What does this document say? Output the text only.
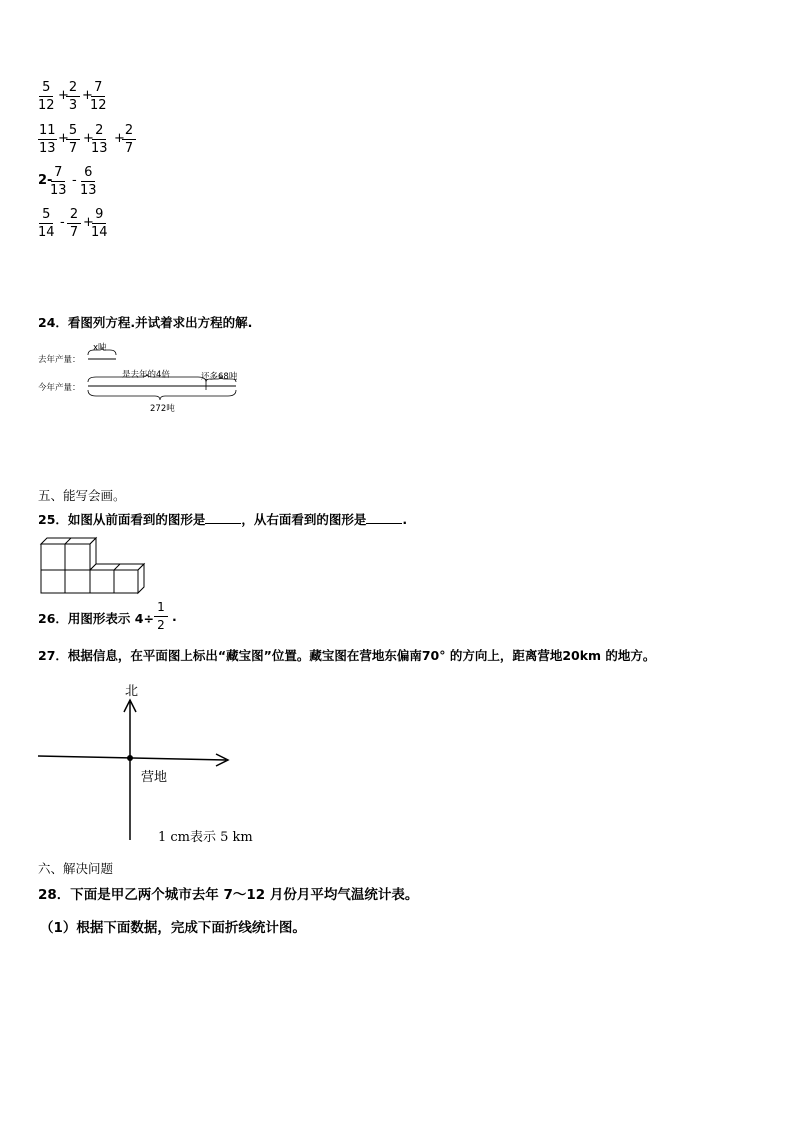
$\frac{5}{12}$ +
$\frac{2}{3}$ +
$\frac{7}{12}$
$\frac{11}{13}$ +
$\frac{5}{7}$ +
$\frac{2}{13}$ +
$\frac{2}{7}$
2-
$\frac{7}{13} - \frac{6}{13}$
$\frac{5}{14} - \frac{2}{7}$ +
$\frac{9}{14}$
24．看图列方程.并试着求出方程的解.
去年产量：
今年产量：
x吨
是去年的4倍	还多68吨
272吨
五、能写会画。
25．如图从前面看到的图形是	，从右面看到的图形是	.
26．用图形表示 $4\div \frac{1}{2}$ .
27．根据信息，在平面图上标出“藏宝图”位置。藏宝图在营地东偏南70° 的方向上，距离营地20km 的地方。
北
营地
1 cm表示 5 km
六、解决问题
28．下面是甲乙两个城市去年 7～12 月份月平均气温统计表。
（1）根据下面数据，完成下面折线统计图。
